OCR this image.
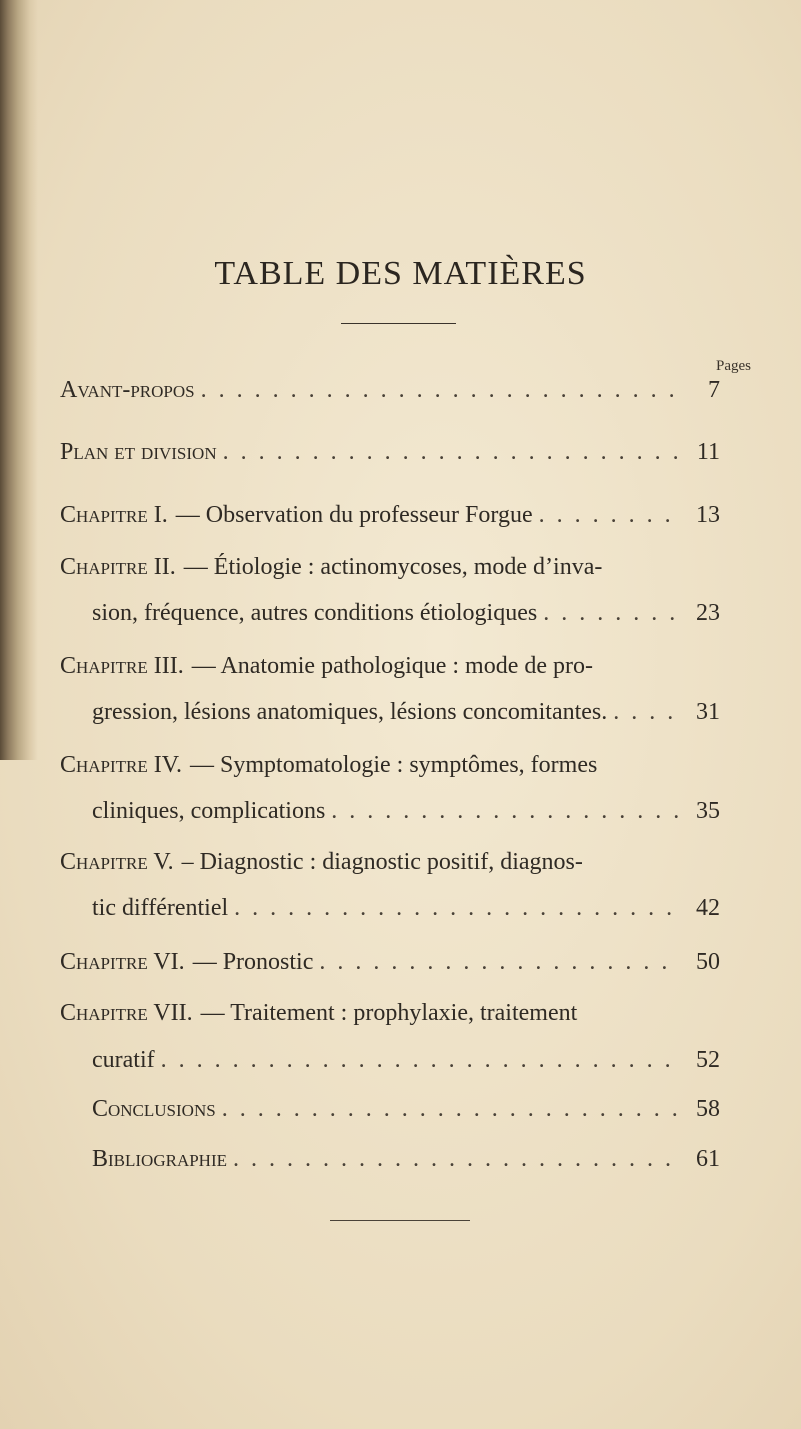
TABLE DES MATIÈRES
Pages
Avant-propos . . .	7
Plan et division . . .	11
Chapitre I. — Observation du professeur Forgue . . .	13
Chapitre II. — Étiologie : actinomycoses, mode d’inva-
sion, fréquence, autres conditions étiologiques . . .	23
Chapitre III. — Anatomie pathologique : mode de pro-
gression, lésions anatomiques, lésions concomitantes. . . .	31
Chapitre IV. — Symptomatologie : symptômes, formes
cliniques, complications . . .	35
Chapitre V. – Diagnostic : diagnostic positif, diagnos-
tic différentiel . . .	42
Chapitre VI. — Pronostic . . .	50
Chapitre VII. — Traitement : prophylaxie, traitement
curatif . . .	52
Conclusions . . .	58
Bibliographie . . .	61
